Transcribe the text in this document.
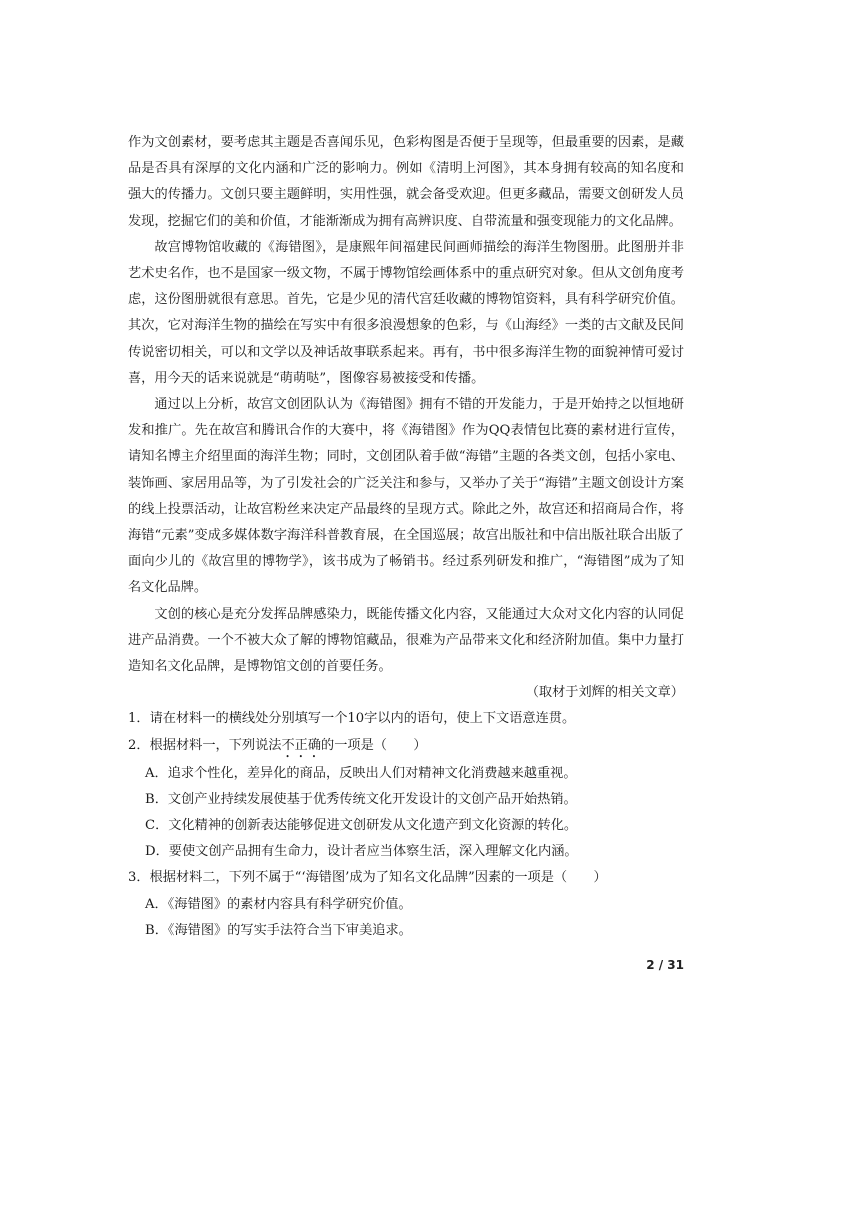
作为文创素材，要考虑其主题是否喜闻乐见，色彩构图是否便于呈现等，但最重要的因素，是藏品是否具有深厚的文化内涵和广泛的影响力。例如《清明上河图》，其本身拥有较高的知名度和强大的传播力。文创只要主题鲜明，实用性强，就会备受欢迎。但更多藏品，需要文创研发人员发现，挖掘它们的美和价值，才能渐渐成为拥有高辨识度、自带流量和强变现能力的文化品牌。

故宫博物馆收藏的《海错图》，是康熙年间福建民间画师描绘的海洋生物图册。此图册并非艺术史名作，也不是国家一级文物，不属于博物馆绘画体系中的重点研究对象。但从文创角度考虑，这份图册就很有意思。首先，它是少见的清代宫廷收藏的博物馆资料，具有科学研究价值。其次，它对海洋生物的描绘在写实中有很多浪漫想象的色彩，与《山海经》一类的古文献及民间传说密切相关，可以和文学以及神话故事联系起来。再有，书中很多海洋生物的面貌神情可爱讨喜，用今天的话来说就是“萌萌哒”，图像容易被接受和传播。

通过以上分析，故宫文创团队认为《海错图》拥有不错的开发能力，于是开始持之以恒地研发和推广。先在故宫和腾讯合作的大赛中，将《海错图》作为QQ表情包比赛的素材进行宣传，请知名博主介绍里面的海洋生物；同时，文创团队着手做“海错”主题的各类文创，包括小家电、装饰画、家居用品等，为了引发社会的广泛关注和参与，又举办了关于“海错”主题文创设计方案的线上投票活动，让故宫粉丝来决定产品最终的呈现方式。除此之外，故宫还和招商局合作，将海错“元素”变成多媒体数字海洋科普教育展，在全国巡展；故宫出版社和中信出版社联合出版了面向少儿的《故宫里的博物学》，该书成为了畅销书。经过系列研发和推广，“海错图”成为了知名文化品牌。

文创的核心是充分发挥品牌感染力，既能传播文化内容，又能通过大众对文化内容的认同促进产品消费。一个不被大众了解的博物馆藏品，很难为产品带来文化和经济附加值。集中力量打造知名文化品牌，是博物馆文创的首要任务。

（取材于刘辉的相关文章）

1．请在材料一的横线处分别填写一个10字以内的语句，使上下文语意连贯。

2．根据材料一，下列说法不正确的一项是（　　）

A．追求个性化，差异化的商品，反映出人们对精神文化消费越来越重视。

B．文创产业持续发展使基于优秀传统文化开发设计的文创产品开始热销。

C．文化精神的创新表达能够促进文创研发从文化遗产到文化资源的转化。

D．要使文创产品拥有生命力，设计者应当体察生活，深入理解文化内涵。

3．根据材料二，下列不属于“‘海错图’成为了知名文化品牌”因素的一项是（　　）

A．《海错图》的素材内容具有科学研究价值。

B．《海错图》的写实手法符合当下审美追求。

2 / 31
